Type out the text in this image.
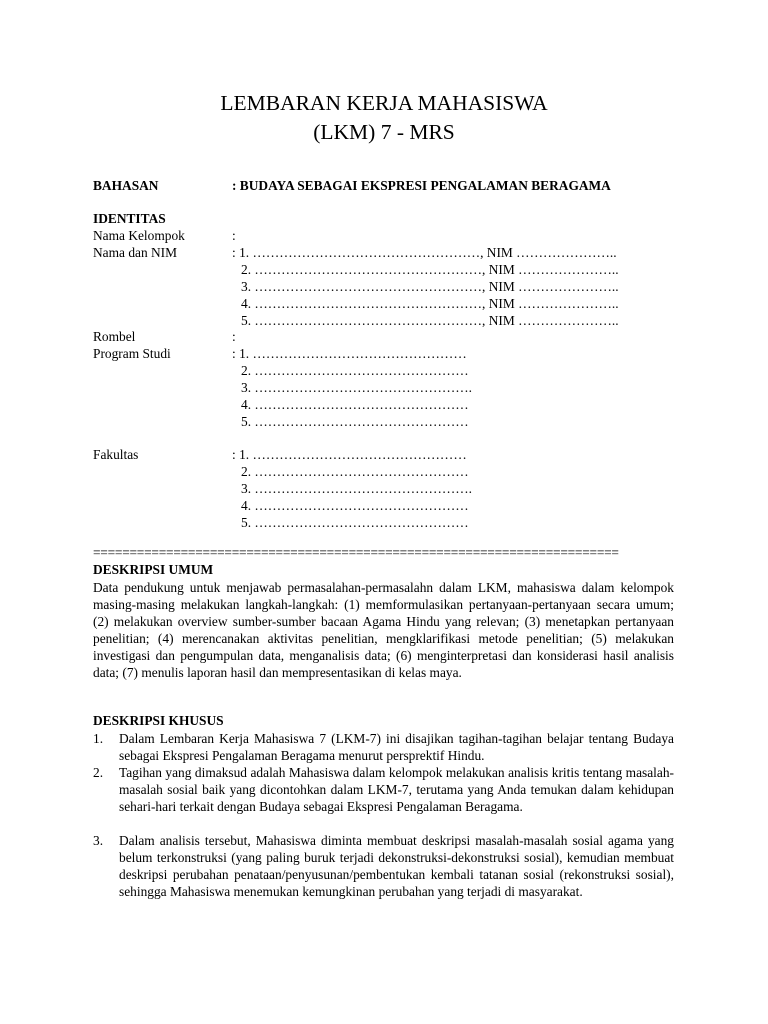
LEMBARAN KERJA MAHASISWA
(LKM) 7 - MRS
BAHASAN	: BUDAYA SEBAGAI EKSPRESI PENGALAMAN BERAGAMA
IDENTITAS
Nama Kelompok	:
Nama dan NIM	: 1. ……………………………………………, NIM …………………..
2. ……………………………………………, NIM …………………..
3. ……………………………………………, NIM …………………..
4. ……………………………………………, NIM …………………..
5. ……………………………………………, NIM …………………..
Rombel	:
Program Studi	: 1. …………………………………………
2. …………………………………………
3. ………………………………………….
4. …………………………………………
5. …………………………………………
Fakultas	: 1. …………………………………………
2. …………………………………………
3. ………………………………………….
4. …………………………………………
5. …………………………………………
========================================================================
DESKRIPSI UMUM
Data pendukung untuk menjawab permasalahan-permasalahn dalam LKM, mahasiswa dalam kelompok masing-masing melakukan langkah-langkah: (1) memformulasikan pertanyaan-pertanyaan secara umum; (2) melakukan overview sumber-sumber bacaan Agama Hindu yang relevan; (3) menetapkan pertanyaan penelitian; (4) merencanakan aktivitas penelitian, mengklarifikasi metode penelitian; (5) melakukan investigasi dan pengumpulan data, menganalisis data; (6) menginterpretasi dan konsiderasi hasil analisis data; (7) menulis laporan hasil dan mempresentasikan di kelas maya.
DESKRIPSI KHUSUS
1. Dalam Lembaran Kerja Mahasiswa 7 (LKM-7) ini disajikan tagihan-tagihan belajar tentang Budaya sebagai Ekspresi Pengalaman Beragama menurut persprektif Hindu.
2. Tagihan yang dimaksud adalah Mahasiswa dalam kelompok melakukan analisis kritis tentang masalah-masalah sosial baik yang dicontohkan dalam LKM-7, terutama yang Anda temukan dalam kehidupan sehari-hari terkait dengan Budaya sebagai Ekspresi Pengalaman Beragama.
3. Dalam analisis tersebut, Mahasiswa diminta membuat deskripsi masalah-masalah sosial agama yang belum terkonstruksi (yang paling buruk terjadi dekonstruksi-dekonstruksi sosial), kemudian membuat deskripsi perubahan penataan/penyusunan/pembentukan kembali tatanan sosial (rekonstruksi sosial), sehingga Mahasiswa menemukan kemungkinan perubahan yang terjadi di masyarakat.
